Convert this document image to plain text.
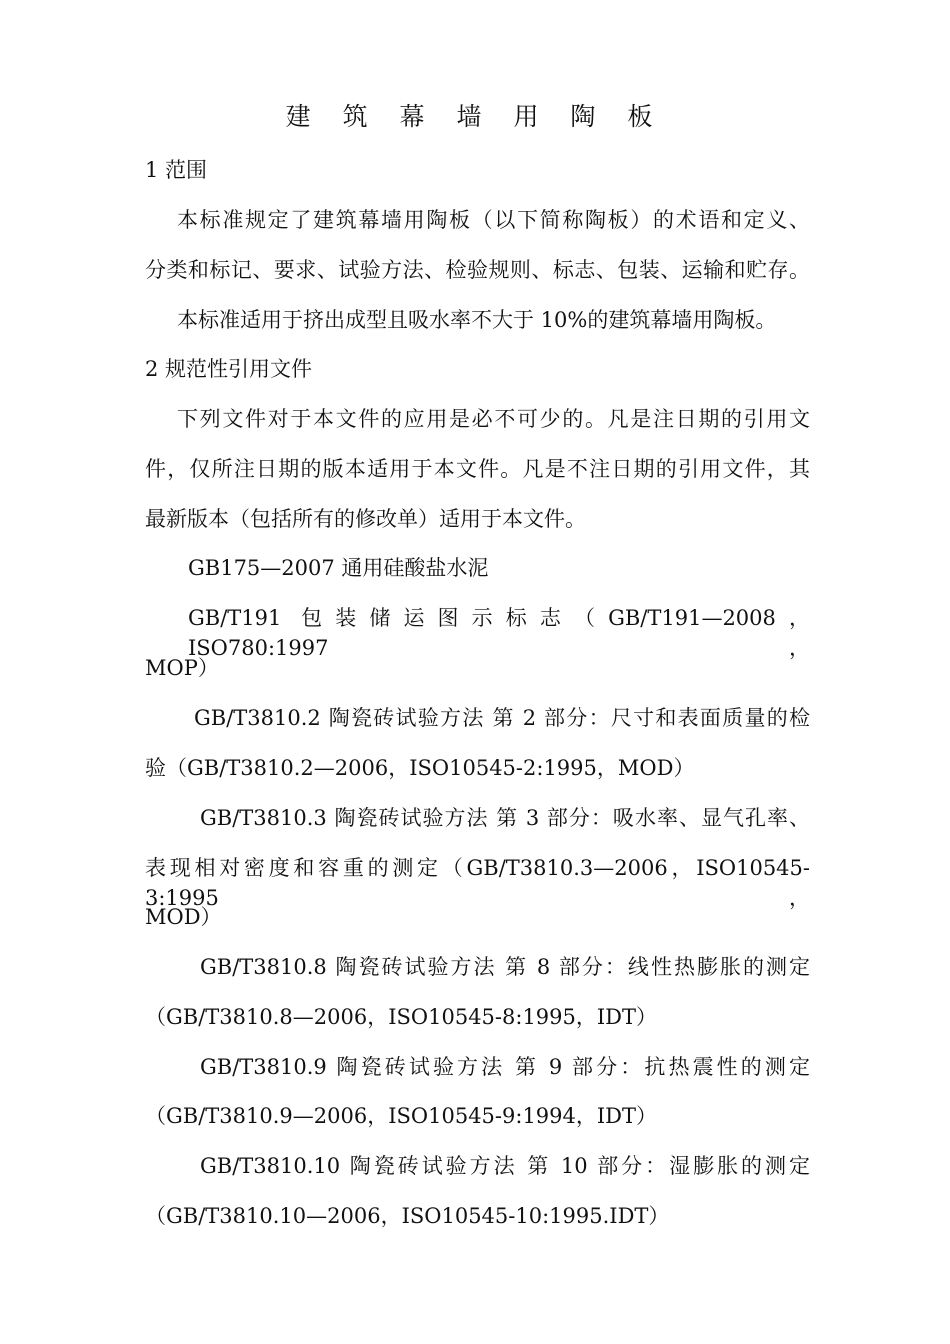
建 筑 幕 墙 用 陶 板
1 范围
本标准规定了建筑幕墙用陶板（以下简称陶板）的术语和定义、
分类和标记、要求、试验方法、检验规则、标志、包装、运输和贮存。
本标准适用于挤出成型且吸水率不大于 10%的建筑幕墙用陶板。
2 规范性引用文件
下列文件对于本文件的应用是必不可少的。凡是注日期的引用文
件，仅所注日期的版本适用于本文件。凡是不注日期的引用文件，其
最新版本（包括所有的修改单）适用于本文件。
GB175—2007 通用硅酸盐水泥
GB/T191 包装储运图示标志（GB/T191—2008，ISO780:1997，
MOP）
GB/T3810.2 陶瓷砖试验方法 第 2 部分：尺寸和表面质量的检
验（GB/T3810.2—2006，ISO10545-2:1995，MOD）
GB/T3810.3 陶瓷砖试验方法 第 3 部分：吸水率、显气孔率、
表现相对密度和容重的测定（GB/T3810.3—2006，ISO10545-3:1995，
MOD）
GB/T3810.8 陶瓷砖试验方法 第 8 部分：线性热膨胀的测定
（GB/T3810.8—2006，ISO10545-8:1995，IDT）
GB/T3810.9 陶瓷砖试验方法 第 9 部分：抗热震性的测定
（GB/T3810.9—2006，ISO10545-9:1994，IDT）
GB/T3810.10 陶瓷砖试验方法 第 10 部分：湿膨胀的测定
（GB/T3810.10—2006，ISO10545-10:1995.IDT）
